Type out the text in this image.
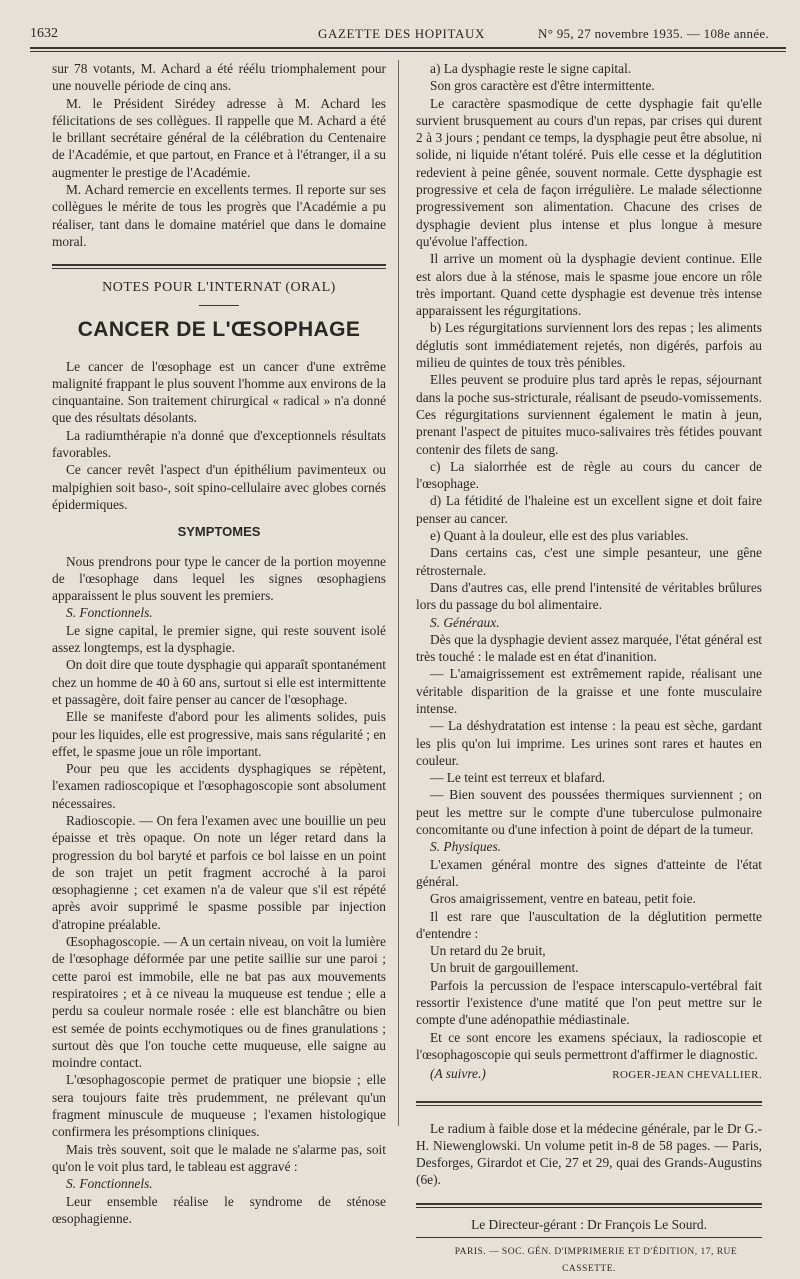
1632	GAZETTE DES HOPITAUX	N° 95, 27 novembre 1935. — 108e année.

sur 78 votants, M. Achard a été réélu triomphalement pour une nouvelle période de cinq ans.

M. le Président Sirédey adresse à M. Achard les félicitations de ses collègues. Il rappelle que M. Achard a été le brillant secrétaire général de la célébration du Centenaire de l'Académie, et que partout, en France et à l'étranger, il a su augmenter le prestige de l'Académie.

M. Achard remercie en excellents termes. Il reporte sur ses collègues le mérite de tous les progrès que l'Académie a pu réaliser, tant dans le domaine matériel que dans le domaine moral.

NOTES POUR L'INTERNAT (ORAL)

CANCER DE L'ŒSOPHAGE

Le cancer de l'œsophage est un cancer d'une extrême malignité frappant le plus souvent l'homme aux environs de la cinquantaine. Son traitement chirurgical « radical » n'a donné que des résultats désolants.

La radiumthérapie n'a donné que d'exceptionnels résultats favorables.

Ce cancer revêt l'aspect d'un épithélium pavimenteux ou malpighien soit baso-, soit spino-cellulaire avec globes cornés épidermiques.

SYMPTOMES

Nous prendrons pour type le cancer de la portion moyenne de l'œsophage dans lequel les signes œsophagiens apparaissent le plus souvent les premiers.

S. Fonctionnels.

Le signe capital, le premier signe, qui reste souvent isolé assez longtemps, est la dysphagie.

On doit dire que toute dysphagie qui apparaît spontanément chez un homme de 40 à 60 ans, surtout si elle est intermittente et passagère, doit faire penser au cancer de l'œsophage.

Elle se manifeste d'abord pour les aliments solides, puis pour les liquides, elle est progressive, mais sans régularité ; en effet, le spasme joue un rôle important.

Pour peu que les accidents dysphagiques se répètent, l'examen radioscopique et l'œsophagoscopie sont absolument nécessaires.

Radioscopie. — On fera l'examen avec une bouillie un peu épaisse et très opaque. On note un léger retard dans la progression du bol baryté et parfois ce bol laisse en un point de son trajet un petit fragment accroché à la paroi œsophagienne ; cet examen n'a de valeur que s'il est répété après avoir supprimé le spasme possible par injection d'atropine préalable.

Œsophagoscopie. — A un certain niveau, on voit la lumière de l'œsophage déformée par une petite saillie sur une paroi ; cette paroi est immobile, elle ne bat pas aux mouvements respiratoires ; et à ce niveau la muqueuse est tendue ; elle a perdu sa couleur normale rosée : elle est blanchâtre ou bien est semée de points ecchymotiques ou de fines granulations ; surtout dès que l'on touche cette muqueuse, elle saigne au moindre contact.

L'œsophagoscopie permet de pratiquer une biopsie ; elle sera toujours faite très prudemment, ne prélevant qu'un fragment minuscule de muqueuse ; l'examen histologique confirmera les présomptions cliniques.

Mais très souvent, soit que le malade ne s'alarme pas, soit qu'on le voit plus tard, le tableau est aggravé :

S. Fonctionnels.

Leur ensemble réalise le syndrome de sténose œsophagienne.

a) La dysphagie reste le signe capital.

Son gros caractère est d'être intermittente.

Le caractère spasmodique de cette dysphagie fait qu'elle survient brusquement au cours d'un repas, par crises qui durent 2 à 3 jours ; pendant ce temps, la dysphagie peut être absolue, ni solide, ni liquide n'étant toléré. Puis elle cesse et la déglutition redevient à peine gênée, souvent normale. Cette dysphagie est progressive et cela de façon irrégulière. Le malade sélectionne progressivement son alimentation. Chacune des crises de dysphagie devient plus intense et plus longue à mesure qu'évolue l'affection.

Il arrive un moment où la dysphagie devient continue. Elle est alors due à la sténose, mais le spasme joue encore un rôle très important. Quand cette dysphagie est devenue très intense apparaissent les régurgitations.

b) Les régurgitations surviennent lors des repas ; les aliments déglutis sont immédiatement rejetés, non digérés, parfois au milieu de quintes de toux très pénibles.

Elles peuvent se produire plus tard après le repas, séjournant dans la poche sus-stricturale, réalisant de pseudo-vomissements. Ces régurgitations surviennent également le matin à jeun, prenant l'aspect de pituites muco-salivaires très fétides pouvant contenir des filets de sang.

c) La sialorrhée est de règle au cours du cancer de l'œsophage.

d) La fétidité de l'haleine est un excellent signe et doit faire penser au cancer.

e) Quant à la douleur, elle est des plus variables.

Dans certains cas, c'est une simple pesanteur, une gêne rétrosternale.

Dans d'autres cas, elle prend l'intensité de véritables brûlures lors du passage du bol alimentaire.

S. Généraux.

Dès que la dysphagie devient assez marquée, l'état général est très touché : le malade est en état d'inanition.

— L'amaigrissement est extrêmement rapide, réalisant une véritable disparition de la graisse et une fonte musculaire intense.

— La déshydratation est intense : la peau est sèche, gardant les plis qu'on lui imprime. Les urines sont rares et hautes en couleur.

— Le teint est terreux et blafard.

— Bien souvent des poussées thermiques surviennent ; on peut les mettre sur le compte d'une tuberculose pulmonaire concomitante ou d'une infection à point de départ de la tumeur.

S. Physiques.

L'examen général montre des signes d'atteinte de l'état général.

Gros amaigrissement, ventre en bateau, petit foie.

Il est rare que l'auscultation de la déglutition permette d'entendre :

Un retard du 2e bruit,

Un bruit de gargouillement.

Parfois la percussion de l'espace interscapulo-vertébral fait ressortir l'existence d'une matité que l'on peut mettre sur le compte d'une adénopathie médiastinale.

Et ce sont encore les examens spéciaux, la radioscopie et l'œsophagoscopie qui seuls permettront d'affirmer le diagnostic.

(A suivre.)	ROGER-JEAN CHEVALLIER.

Le radium à faible dose et la médecine générale, par le Dr G.-H. Niewenglowski. Un volume petit in-8 de 58 pages. — Paris, Desforges, Girardot et Cie, 27 et 29, quai des Grands-Augustins (6e).

Le Directeur-gérant : Dr François Le Sourd.

PARIS. — SOC. GÉN. D'IMPRIMERIE ET D'ÉDITION, 17, RUE CASSETTE.
